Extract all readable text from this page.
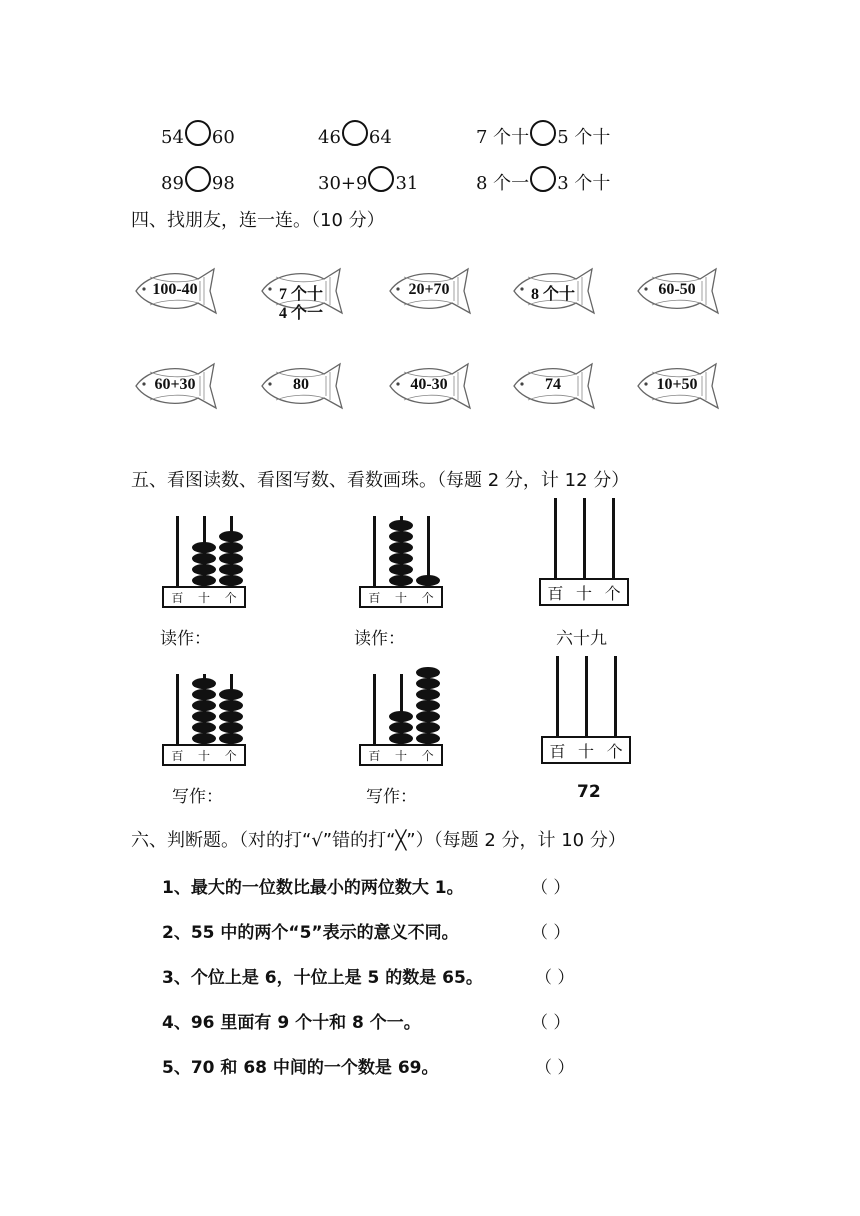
54 60	46 64	7 个十 5 个十
89 98	30+9 31	8 个一 3 个十
四、找朋友，连一连。（10 分）
100-40	7 个十
4 个一
20+70	8 个十	60-50
60+30	80	40-30	74	10+50
五、看图读数、看图写数、看数画珠。（每题 2 分，计 12 分）
百 十 个	百 十 个	百 十 个
百 十 个	百 十 个	百 十 个
读作：	读作：	六十九
写作：	写作：	72
六、判断题。（对的打“√”错的打“╳”）（每题 2 分，计 10 分）
1、最大的一位数比最小的两位数大 1。	（ ）
2、55 中的两个“5”表示的意义不同。	（ ）
3、个位上是 6，十位上是 5 的数是 65。	（ ）
4、96 里面有 9 个十和 8 个一。	（ ）
5、70 和 68 中间的一个数是 69。	（ ）
